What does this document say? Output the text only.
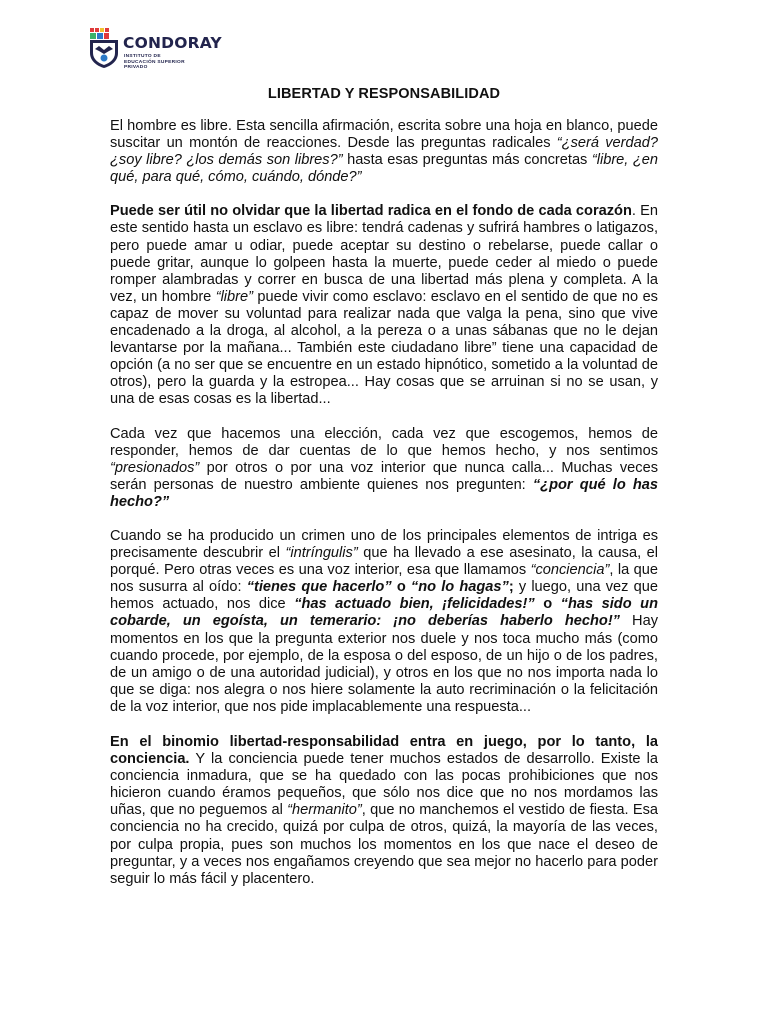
CONDORAY
INSTITUTO DE EDUCACIÓN SUPERIOR PRIVADO
LIBERTAD Y RESPONSABILIDAD

El hombre es libre. Esta sencilla afirmación, escrita sobre una hoja en blanco, puede suscitar un montón de reacciones. Desde las preguntas radicales “¿será verdad? ¿soy libre? ¿los demás son libres?” hasta esas preguntas más concretas “libre, ¿en qué, para qué, cómo, cuándo, dónde?”

Puede ser útil no olvidar que la libertad radica en el fondo de cada corazón. En este sentido hasta un esclavo es libre: tendrá cadenas y sufrirá hambres o latigazos, pero puede amar u odiar, puede aceptar su destino o rebelarse, puede callar o puede gritar, aunque lo golpeen hasta la muerte, puede ceder al miedo o puede romper alambradas y correr en busca de una libertad más plena y completa. A la vez, un hombre “libre” puede vivir como esclavo: esclavo en el sentido de que no es capaz de mover su voluntad para realizar nada que valga la pena, sino que vive encadenado a la droga, al alcohol, a la pereza o a unas sábanas que no le dejan levantarse por la mañana... También este ciudadano libre” tiene una capacidad de opción (a no ser que se encuentre en un estado hipnótico, sometido a la voluntad de otros), pero la guarda y la estropea... Hay cosas que se arruinan si no se usan, y una de esas cosas es la libertad...

Cada vez que hacemos una elección, cada vez que escogemos, hemos de responder, hemos de dar cuentas de lo que hemos hecho, y nos sentimos “presionados” por otros o por una voz interior que nunca calla... Muchas veces serán personas de nuestro ambiente quienes nos pregunten: “¿por qué lo has hecho?”

Cuando se ha producido un crimen uno de los principales elementos de intriga es precisamente descubrir el “intríngulis” que ha llevado a ese asesinato, la causa, el porqué. Pero otras veces es una voz interior, esa que llamamos “conciencia”, la que nos susurra al oído: “tienes que hacerlo” o “no lo hagas”; y luego, una vez que hemos actuado, nos dice “has actuado bien, ¡felicidades!” o “has sido un cobarde, un egoísta, un temerario: ¡no deberías haberlo hecho!” Hay momentos en los que la pregunta exterior nos duele y nos toca mucho más (como cuando procede, por ejemplo, de la esposa o del esposo, de un hijo o de los padres, de un amigo o de una autoridad judicial), y otros en los que no nos importa nada lo que se diga: nos alegra o nos hiere solamente la auto recriminación o la felicitación de la voz interior, que nos pide implacablemente una respuesta...

En el binomio libertad-responsabilidad entra en juego, por lo tanto, la conciencia. Y la conciencia puede tener muchos estados de desarrollo. Existe la conciencia inmadura, que se ha quedado con las pocas prohibiciones que nos hicieron cuando éramos pequeños, que sólo nos dice que no nos mordamos las uñas, que no peguemos al “hermanito”, que no manchemos el vestido de fiesta. Esa conciencia no ha crecido, quizá por culpa de otros, quizá, la mayoría de las veces, por culpa propia, pues son muchos los momentos en los que nace el deseo de preguntar, y a veces nos engañamos creyendo que sea mejor no hacerlo para poder seguir lo más fácil y placentero.
